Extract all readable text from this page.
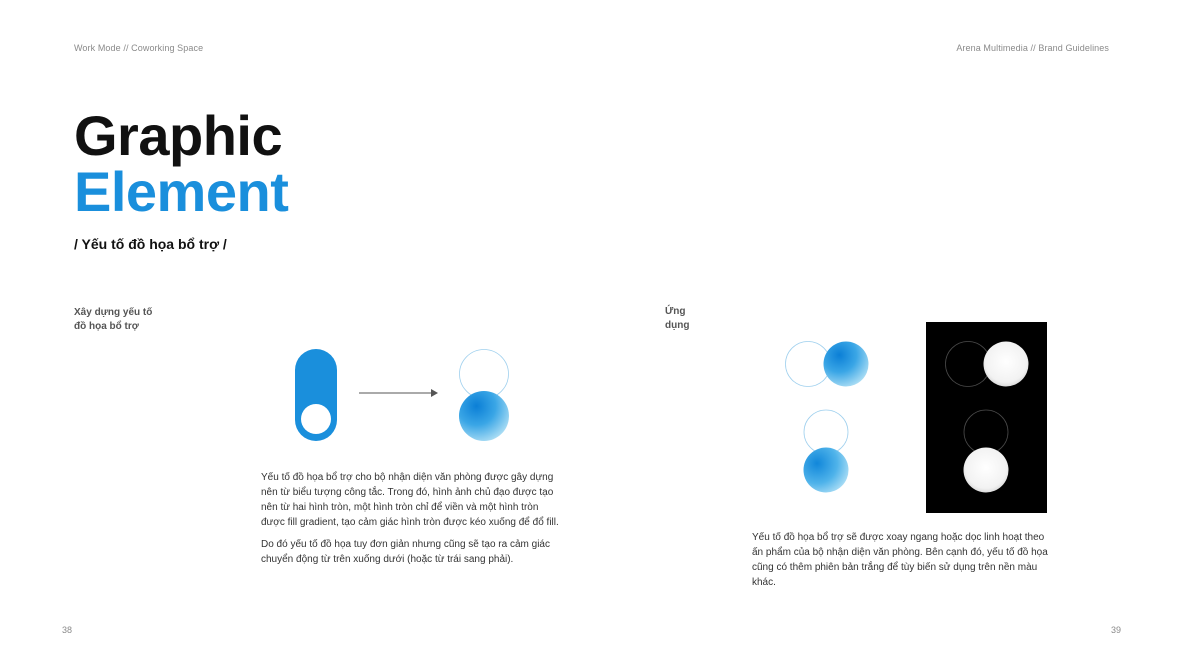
Work Mode // Coworking Space	Arena Multimedia // Brand Guidelines
Graphic
Element
/ Yếu tố đồ họa bổ trợ /
Xây dựng yếu tố
đồ họa bổ trợ
Ứng
dụng

Yếu tố đồ họa bổ trợ cho bộ nhận diện văn phòng được gây dựng nên từ biểu tượng công tắc. Trong đó, hình ảnh chủ đạo được tạo nên từ hai hình tròn, một hình tròn chỉ để viền và một hình tròn được fill gradient, tạo cảm giác hình tròn được kéo xuống để đổ fill.

Do đó yếu tố đồ họa tuy đơn giản nhưng cũng sẽ tạo ra cảm giác chuyển động từ trên xuống dưới (hoặc từ trái sang phải).

Yếu tố đồ họa bổ trợ sẽ được xoay ngang hoặc dọc linh hoạt theo ấn phẩm của bộ nhận diện văn phòng. Bên cạnh đó, yếu tố đồ họa cũng có thêm phiên bản trắng để tùy biến sử dụng trên nền màu khác.

38	39
